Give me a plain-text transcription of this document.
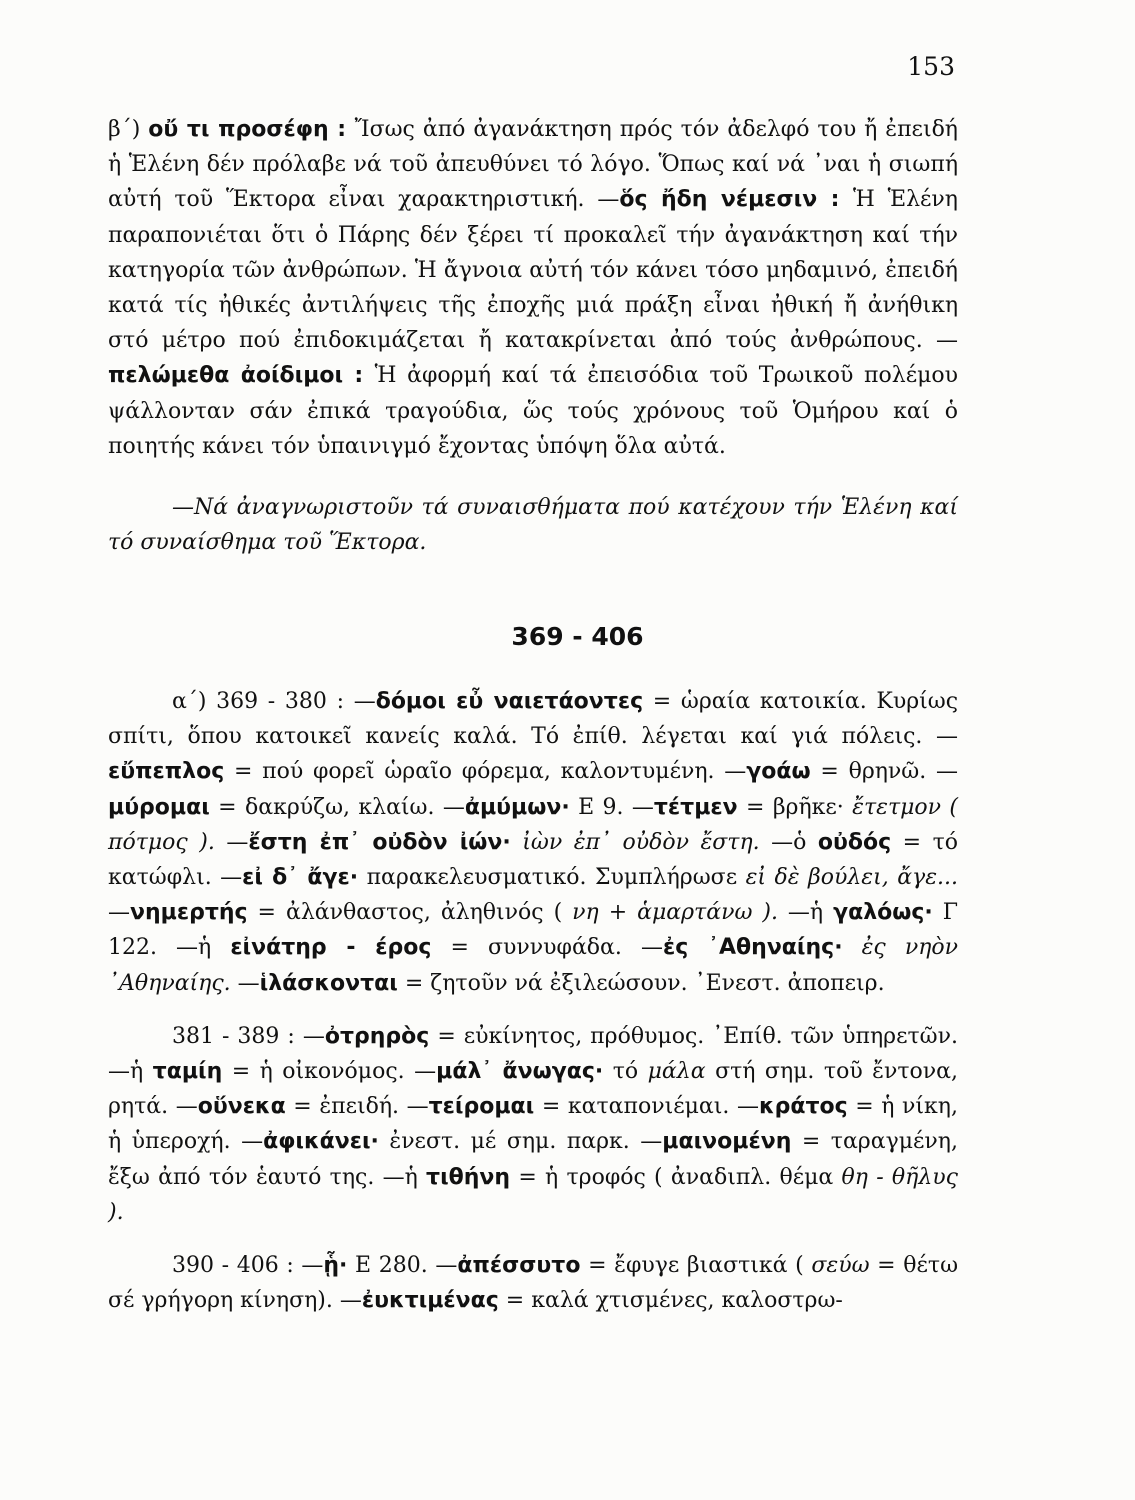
153

β΄) οὔ τι προσέφη : Ἴσως ἀπό ἀγανάκτηση πρός τόν ἀδελφό του ἤ ἐπειδή ἡ Ἑλένη δέν πρόλαβε νά τοῦ ἀπευθύνει τό λόγο. Ὅπως καί νά ᾿ναι ἡ σιωπή αὐτή τοῦ Ἕκτορα εἶναι χαρακτηριστική. —ὅς ἤδη νέμεσιν : Ἡ Ἑλένη παραπονιέται ὅτι ὁ Πάρης δέν ξέρει τί προκαλεῖ τήν ἀγανάκτηση καί τήν κατηγορία τῶν ἀνθρώπων. Ἡ ἄγνοια αὐτή τόν κάνει τόσο μηδαμινό, ἐπειδή κατά τίς ἠθικές ἀντιλήψεις τῆς ἐποχῆς μιά πράξη εἶναι ἠθική ἤ ἀνήθικη στό μέτρο πού ἐπιδοκιμάζεται ἤ κατακρίνεται ἀπό τούς ἀνθρώπους. —πελώμεθα ἀοίδιμοι : Ἡ ἀφορμή καί τά ἐπεισόδια τοῦ Τρωικοῦ πολέμου ψάλλονταν σάν ἐπικά τραγούδια, ὥς τούς χρόνους τοῦ Ὁμήρου καί ὁ ποιητής κάνει τόν ὑπαινιγμό ἔχοντας ὑπόψη ὅλα αὐτά.

—Νά ἀναγνωριστοῦν τά συναισθήματα πού κατέχουν τήν Ἑλένη καί τό συναίσθημα τοῦ Ἕκτορα.

369 - 406

α΄) 369 - 380 : —δόμοι εὖ ναιετάοντες = ὡραία κατοικία. Κυρίως σπίτι, ὅπου κατοικεῖ κανείς καλά. Τό ἐπίθ. λέγεται καί γιά πόλεις. —εὔπεπλος = πού φορεῖ ὡραῖο φόρεμα, καλοντυμένη. —γοάω = θρηνῶ. —μύρομαι = δακρύζω, κλαίω. —ἀμύμων· Ε 9. —τέτμεν = βρῆκε· ἔτετμον ( πότμος ). —ἔστη ἐπ᾿ οὐδὸν ἰών· ἰὼν ἐπ᾿ οὐδὸν ἔστη. —ὁ οὐδός = τό κατώφλι. —εἰ δ᾿ ἄγε· παρακελευσματικό. Συμπλήρωσε εἰ δὲ βούλει, ἄγε... —νημερτής = ἀλάνθαστος, ἀληθινός ( νη + ἁμαρτάνω ). —ἡ γαλόως· Γ 122. —ἡ εἰνάτηρ - έρος = συννυφάδα. —ἐς ᾿Αθηναίης· ἐς νηὸν ᾿Αθηναίης. —ἱλάσκονται = ζητοῦν νά ἐξιλεώσουν. ᾿Ενεστ. ἀποπειρ.

381 - 389 : —ὀτρηρὸς = εὐκίνητος, πρόθυμος. ᾿Επίθ. τῶν ὑπηρετῶν. —ἡ ταμίη = ἡ οἰκονόμος. —μάλ᾿ ἄνωγας· τό μάλα στή σημ. τοῦ ἔντονα, ρητά. —οὕνεκα = ἐπειδή. —τείρομαι = καταπονιέμαι. —κράτος = ἡ νίκη, ἡ ὑπεροχή. —ἀφικάνει· ἐνεστ. μέ σημ. παρκ. —μαινομένη = ταραγμένη, ἔξω ἀπό τόν ἑαυτό της. —ἡ τιθήνη = ἡ τροφός ( ἀναδιπλ. θέμα θη - θῆλυς ).

390 - 406 : —ᾗ· Ε 280. —ἀπέσσυτο = ἔφυγε βιαστικά ( σεύω = θέτω σέ γρήγορη κίνηση). —ἐυκτιμένας = καλά χτισμένες, καλοστρω-
